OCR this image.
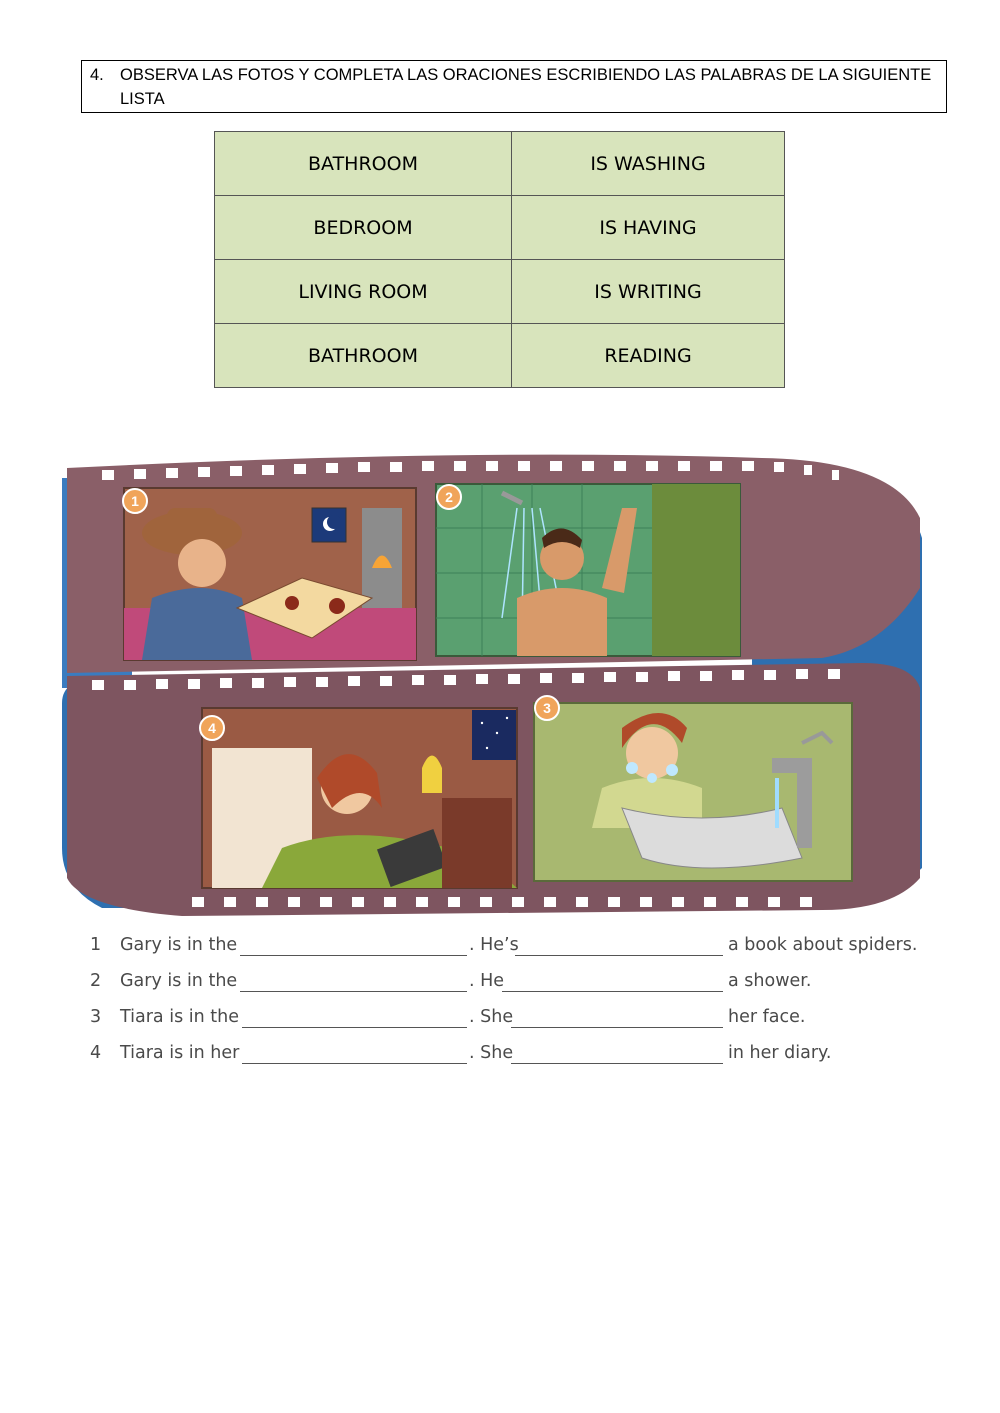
4. OBSERVA LAS FOTOS Y COMPLETA LAS ORACIONES ESCRIBIENDO LAS PALABRAS DE LA SIGUIENTE LISTA
BATHROOM	IS WASHING
BEDROOM	IS HAVING
LIVING ROOM	IS WRITING
BATHROOM	READING
1	2
4
3
1 Gary is in the	. He’s	a book about spiders.
2 Gary is in the	. He	a shower.
3 Tiara is in the	. She	her face.
4 Tiara is in her	. She	in her diary.
